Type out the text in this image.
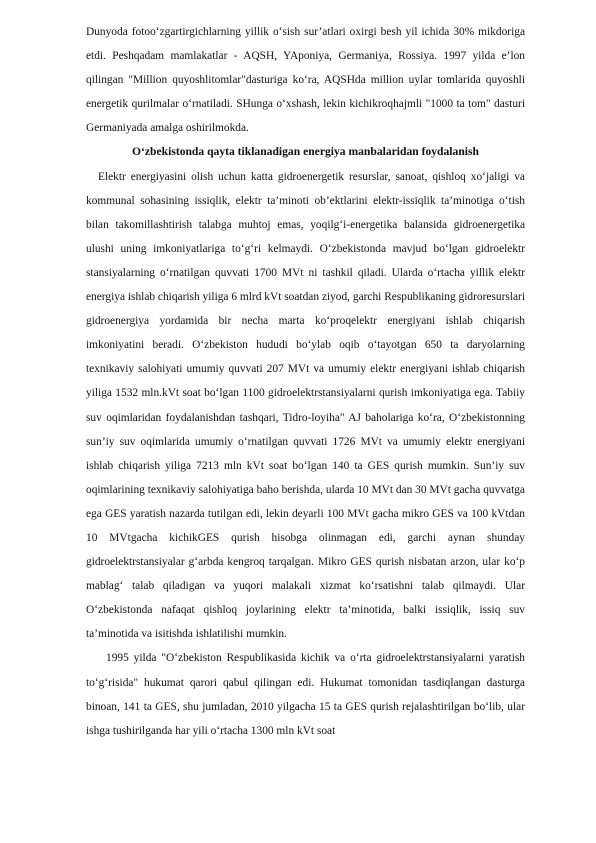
Dunyoda fotoo‘zgartirgichlarning yillik o‘sish sur’atlari oxirgi besh yil ichida 30% mikdoriga etdi. Peshqadam mamlakatlar - AQSH, YAponiya, Germaniya, Rossiya. 1997 yilda e’lon qilingan "Million quyoshlitomlar"dasturiga ko‘ra, AQSHda million uylar tomlarida quyoshli energetik qurilmalar o‘rnatiladi. SHunga o‘xshash, lekin kichikroqhajmli "1000 ta tom" dasturi Germaniyada amalga oshirilmokda.

O‘zbekistonda qayta tiklanadigan energiya manbalaridan foydalanish

Elektr energiyasini olish uchun katta gidroenergetik resurslar, sanoat, qishloq xo‘jaligi va kommunal sohasining issiqlik, elektr ta’minoti ob’ektlarini elektr-issiqlik ta’minotiga o‘tish bilan takomillashtirish talabga muhtoj emas, yoqilg‘i-energetika balansida gidroenergetika ulushi uning imkoniyatlariga to‘g‘ri kelmaydi. O‘zbekistonda mavjud bo‘lgan gidroelektr stansiyalarning o‘rnatilgan quvvati 1700 MVt ni tashkil qiladi. Ularda o‘rtacha yillik elektr energiya ishlab chiqarish yiliga 6 mlrd kVt soatdan ziyod, garchi Respublikaning gidroresurslari gidroenergiya yordamida bir necha marta ko‘proqelektr energiyani ishlab chiqarish imkoniyatini beradi. O‘zbekiston hududi bo‘ylab oqib o‘tayotgan 650 ta daryolarning texnikaviy salohiyati umumiy quvvati 207 MVt va umumiy elektr energiyani ishlab chiqarish yiliga 1532 mln.kVt soat bo‘lgan 1100 gidroelektrstansiyalarni qurish imkoniyatiga ega. Tabiiy suv oqimlaridan foydalanishdan tashqari, Tidro-loyiha" AJ baholariga ko‘ra, O‘zbekistonning sun’iy suv oqimlarida umumiy o‘rnatilgan quvvati 1726 MVt va umumiy elektr energiyani ishlab chiqarish yiliga 7213 mln kVt soat bo‘lgan 140 ta GES qurish mumkin. Sun’iy suv oqimlarining texnikaviy salohiyatiga baho berishda, ularda 10 MVt dan 30 MVt gacha quvvatga ega GES yaratish nazarda tutilgan edi, lekin deyarli 100 MVt gacha mikro GES va 100 kVtdan 10 MVtgacha kichikGES qurish hisobga olinmagan edi, garchi aynan shunday gidroelektrstansiyalar g‘arbda kengroq tarqalgan. Mikro GES qurish nisbatan arzon, ular ko‘p mablag‘ talab qiladigan va yuqori malakali xizmat ko‘rsatishni talab qilmaydi. Ular O‘zbekistonda nafaqat qishloq joylarining elektr ta’minotida, balki issiqlik, issiq suv ta’minotida va isitishda ishlatilishi mumkin.

1995 yilda "O‘zbekiston Respublikasida kichik va o‘rta gidroelektrstansiyalarni yaratish to‘g‘risida" hukumat qarori qabul qilingan edi. Hukumat tomonidan tasdiqlangan dasturga binoan, 141 ta GES, shu jumladan, 2010 yilgacha 15 ta GES qurish rejalashtirilgan bo‘lib, ular ishga tushirilganda har yili o‘rtacha 1300 mln kVt soat
